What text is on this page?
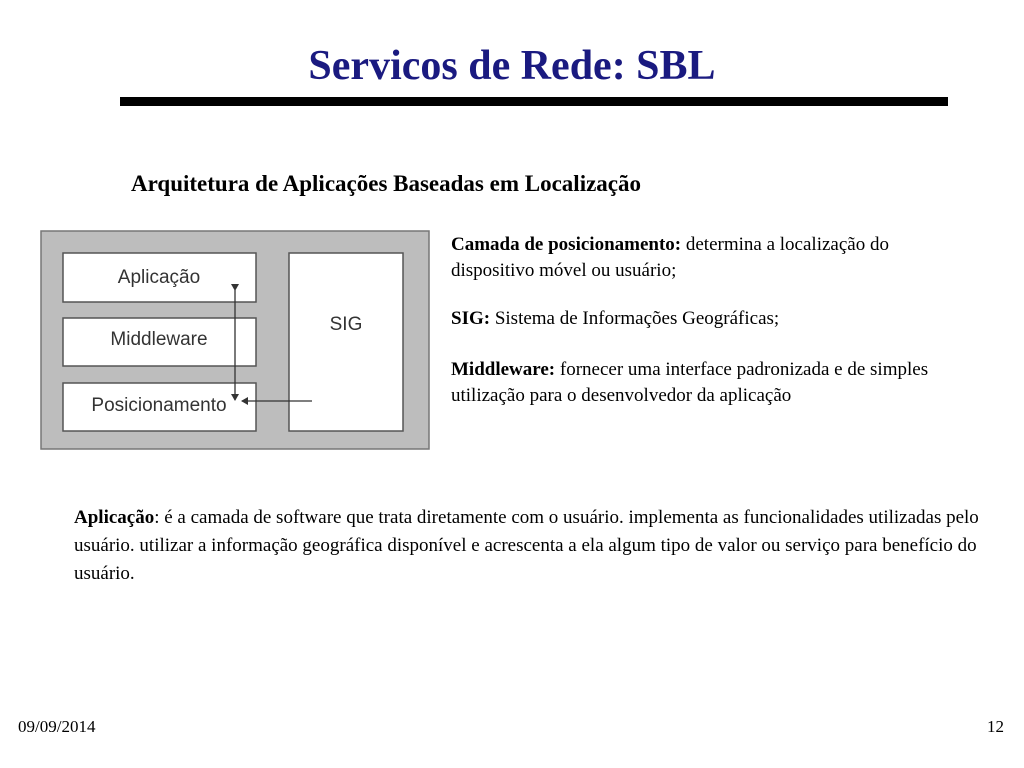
Servicos de Rede: SBL
Arquitetura de Aplicações Baseadas em Localização
Aplicação
Middleware
Posicionamento
SIG

Camada de posicionamento: determina a localização do dispositivo móvel ou usuário;

SIG: Sistema de Informações Geográficas;

Middleware: fornecer uma interface padronizada e de simples utilização para o desenvolvedor da aplicação

Aplicação: é a camada de software que trata diretamente com o usuário. implementa as funcionalidades utilizadas pelo usuário. utilizar a informação geográfica disponível e acrescenta a ela algum tipo de valor ou serviço para benefício do usuário.

09/09/2014	12
